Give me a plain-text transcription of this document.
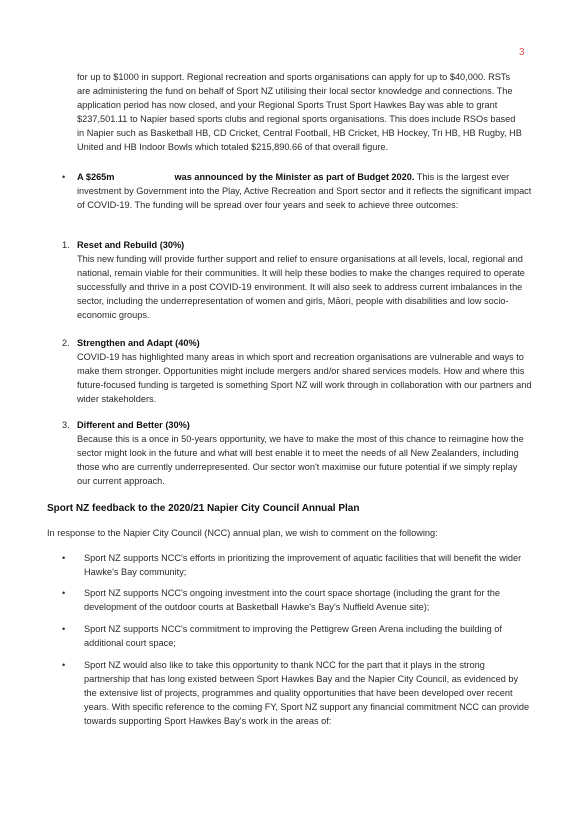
3

for up to $1000 in support. Regional recreation and sports organisations can apply for up to $40,000. RSTs are administering the fund on behalf of Sport NZ utilising their local sector knowledge and connections. The application period has now closed, and your Regional Sports Trust Sport Hawkes Bay was able to grant $237,501.11 to Napier based sports clubs and regional sports organisations. This does include RSOs based in Napier such as Basketball HB, CD Cricket, Central Football, HB Cricket, HB Hockey, Tri HB, HB Rugby, HB United and HB Indoor Bowls which totaled $215,890.66 of that overall figure.

• A $265m	was announced by the Minister as part of Budget 2020. This is the largest ever investment by Government into the Play, Active Recreation and Sport sector and it reflects the significant impact of COVID-19. The funding will be spread over four years and seek to achieve three outcomes:
1. Reset and Rebuild (30%)
This new funding will provide further support and relief to ensure organisations at all levels, local, regional and national, remain viable for their communities. It will help these bodies to make the changes required to operate successfully and thrive in a post COVID-19 environment. It will also seek to address current imbalances in the sector, including the underrepresentation of women and girls, Māori, people with disabilities and low socio-economic groups.
2. Strengthen and Adapt (40%)
COVID-19 has highlighted many areas in which sport and recreation organisations are vulnerable and ways to make them stronger. Opportunities might include mergers and/or shared services models. How and where this future-focused funding is targeted is something Sport NZ will work through in collaboration with our partners and wider stakeholders.
3. Different and Better (30%)
Because this is a once in 50-years opportunity, we have to make the most of this chance to reimagine how the sector might look in the future and what will best enable it to meet the needs of all New Zealanders, including those who are currently underrepresented. Our sector won't maximise our future potential if we simply replay our current approach.
Sport NZ feedback to the 2020/21 Napier City Council Annual Plan

In response to the Napier City Council (NCC) annual plan, we wish to comment on the following:

• Sport NZ supports NCC's efforts in prioritizing the improvement of aquatic facilities that will benefit the wider Hawke's Bay community;
• Sport NZ supports NCC's ongoing investment into the court space shortage (including the grant for the development of the outdoor courts at Basketball Hawke's Bay's Nuffield Avenue site);
• Sport NZ supports NCC's commitment to improving the Pettigrew Green Arena including the building of additional court space;
• Sport NZ would also like to take this opportunity to thank NCC for the part that it plays in the strong partnership that has long existed between Sport Hawkes Bay and the Napier City Council, as evidenced by the extensive list of projects, programmes and quality opportunities that have been developed over recent years. With specific reference to the coming FY, Sport NZ support any financial commitment NCC can provide towards supporting Sport Hawkes Bay's work in the areas of:
